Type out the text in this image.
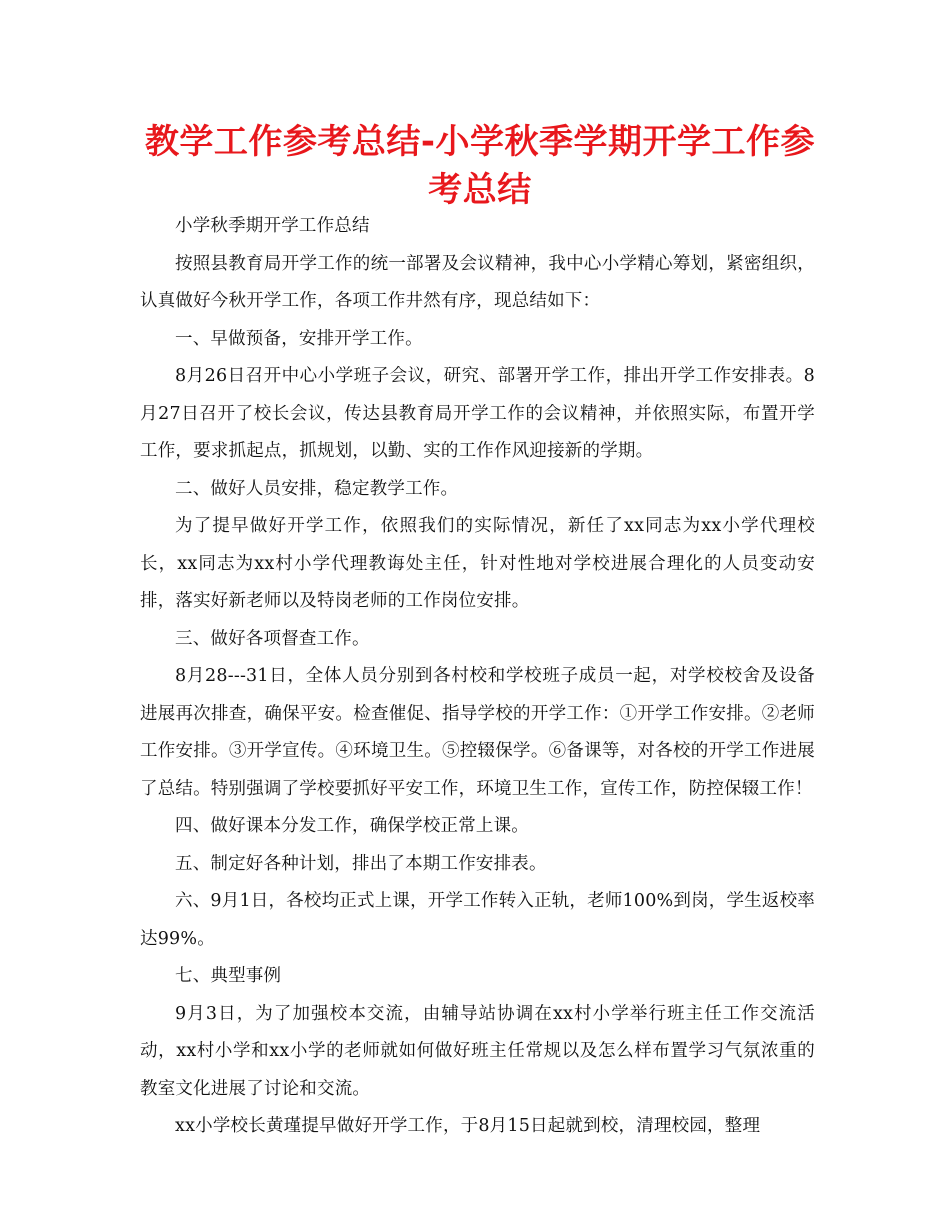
教学工作参考总结-小学秋季学期开学工作参考总结

小学秋季期开学工作总结

按照县教育局开学工作的统一部署及会议精神，我中心小学精心筹划，紧密组织，认真做好今秋开学工作，各项工作井然有序，现总结如下：

一、早做预备，安排开学工作。

8月26日召开中心小学班子会议，研究、部署开学工作，排出开学工作安排表。8月27日召开了校长会议，传达县教育局开学工作的会议精神，并依照实际，布置开学工作，要求抓起点，抓规划，以勤、实的工作作风迎接新的学期。

二、做好人员安排，稳定教学工作。

为了提早做好开学工作，依照我们的实际情况，新任了xx同志为xx小学代理校长，xx同志为xx村小学代理教诲处主任，针对性地对学校进展合理化的人员变动安排，落实好新老师以及特岗老师的工作岗位安排。

三、做好各项督查工作。

8月28---31日，全体人员分别到各村校和学校班子成员一起，对学校校舍及设备进展再次排查，确保平安。检查催促、指导学校的开学工作：①开学工作安排。②老师工作安排。③开学宣传。④环境卫生。⑤控辍保学。⑥备课等，对各校的开学工作进展了总结。特别强调了学校要抓好平安工作，环境卫生工作，宣传工作，防控保辍工作！

四、做好课本分发工作，确保学校正常上课。

五、制定好各种计划，排出了本期工作安排表。

六、9月1日，各校均正式上课，开学工作转入正轨，老师100%到岗，学生返校率达99%。

七、典型事例

9月3日，为了加强校本交流，由辅导站协调在xx村小学举行班主任工作交流活动，xx村小学和xx小学的老师就如何做好班主任常规以及怎么样布置学习气氛浓重的教室文化进展了讨论和交流。

xx小学校长黄瑾提早做好开学工作，于8月15日起就到校，清理校园，整理
